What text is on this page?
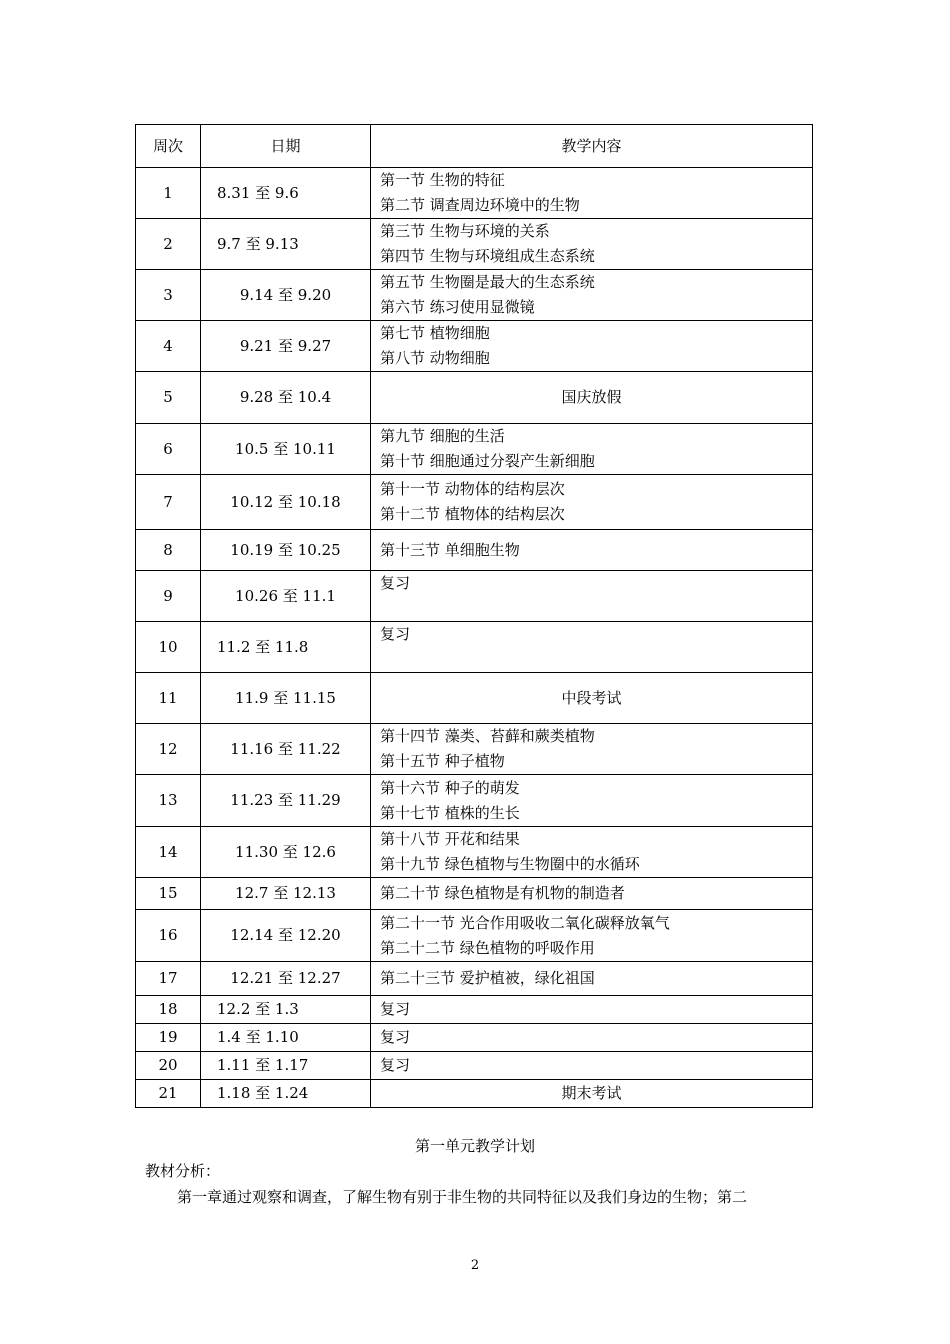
周次	日期	教学内容
1	8.31 至 9.6	第一节 生物的特征
第二节 调查周边环境中的生物

2	9.7 至 9.13	第三节 生物与环境的关系
第四节 生物与环境组成生态系统

3	9.14 至 9.20	第五节 生物圈是最大的生态系统
第六节 练习使用显微镜

4	9.21 至 9.27	第七节 植物细胞
第八节 动物细胞

5	9.28 至 10.4	国庆放假

6	10.5 至 10.11	第九节 细胞的生活
第十节 细胞通过分裂产生新细胞

7	10.12 至 10.18	第十一节 动物体的结构层次
第十二节 植物体的结构层次

8	10.19 至 10.25	第十三节 单细胞生物

9	10.26 至 11.1	复习

10	11.2 至 11.8	复习

11	11.9 至 11.15	中段考试

12	11.16 至 11.22	第十四节 藻类、苔藓和蕨类植物
第十五节 种子植物

13	11.23 至 11.29	第十六节 种子的萌发
第十七节 植株的生长

14	11.30 至 12.6	第十八节 开花和结果
第十九节 绿色植物与生物圈中的水循环

15	12.7 至 12.13	第二十节 绿色植物是有机物的制造者

16	12.14 至 12.20	第二十一节 光合作用吸收二氧化碳释放氧气
第二十二节 绿色植物的呼吸作用

17	12.21 至 12.27	第二十三节 爱护植被，绿化祖国

18	12.2 至 1.3	复习

19	1.4 至 1.10	复习

20	1.11 至 1.17	复习

21	1.18 至 1.24	期末考试
第一单元教学计划
教材分析：
第一章通过观察和调查，了解生物有别于非生物的共同特征以及我们身边的生物；第二
2
